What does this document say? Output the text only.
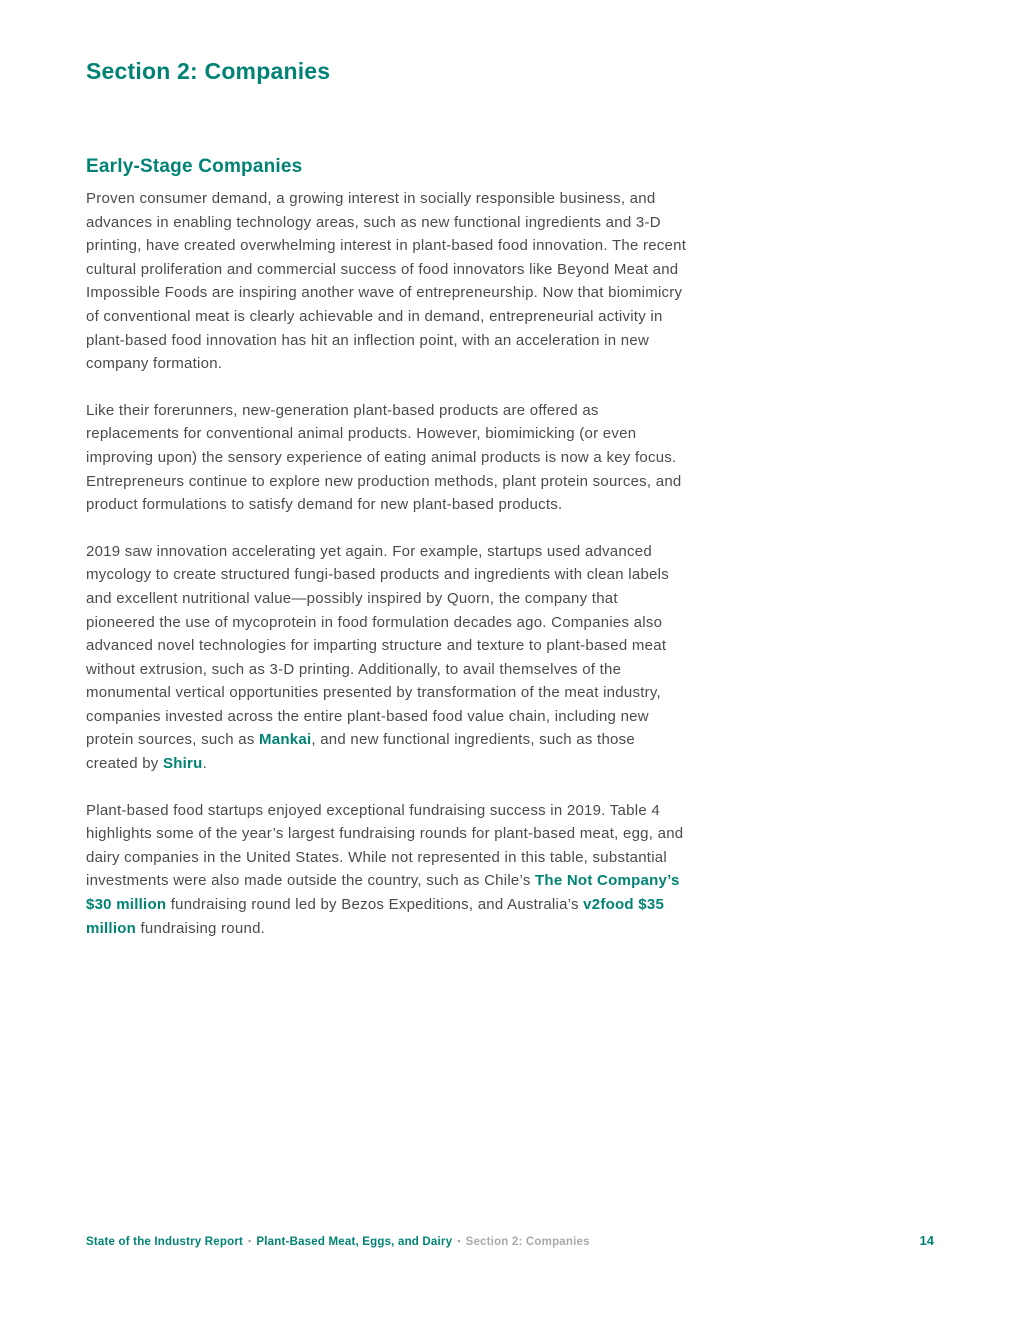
Section 2: Companies
Early-Stage Companies

Proven consumer demand, a growing interest in socially responsible business, and advances in enabling technology areas, such as new functional ingredients and 3-D printing, have created overwhelming interest in plant-based food innovation. The recent cultural proliferation and commercial success of food innovators like Beyond Meat and Impossible Foods are inspiring another wave of entrepreneurship. Now that biomimicry of conventional meat is clearly achievable and in demand, entrepreneurial activity in plant-based food innovation has hit an inflection point, with an acceleration in new company formation.

Like their forerunners, new-generation plant-based products are offered as replacements for conventional animal products. However, biomimicking (or even improving upon) the sensory experience of eating animal products is now a key focus. Entrepreneurs continue to explore new production methods, plant protein sources, and product formulations to satisfy demand for new plant-based products.

2019 saw innovation accelerating yet again. For example, startups used advanced mycology to create structured fungi-based products and ingredients with clean labels and excellent nutritional value—possibly inspired by Quorn, the company that pioneered the use of mycoprotein in food formulation decades ago. Companies also advanced novel technologies for imparting structure and texture to plant-based meat without extrusion, such as 3-D printing. Additionally, to avail themselves of the monumental vertical opportunities presented by transformation of the meat industry, companies invested across the entire plant-based food value chain, including new protein sources, such as Mankai, and new functional ingredients, such as those created by Shiru.

Plant-based food startups enjoyed exceptional fundraising success in 2019. Table 4 highlights some of the year’s largest fundraising rounds for plant-based meat, egg, and dairy companies in the United States. While not represented in this table, substantial investments were also made outside the country, such as Chile’s The Not Company’s $30 million fundraising round led by Bezos Expeditions, and Australia’s v2food $35 million fundraising round.

State of the Industry Report ▪ Plant-Based Meat, Eggs, and Dairy ▪ Section 2: Companies	14
